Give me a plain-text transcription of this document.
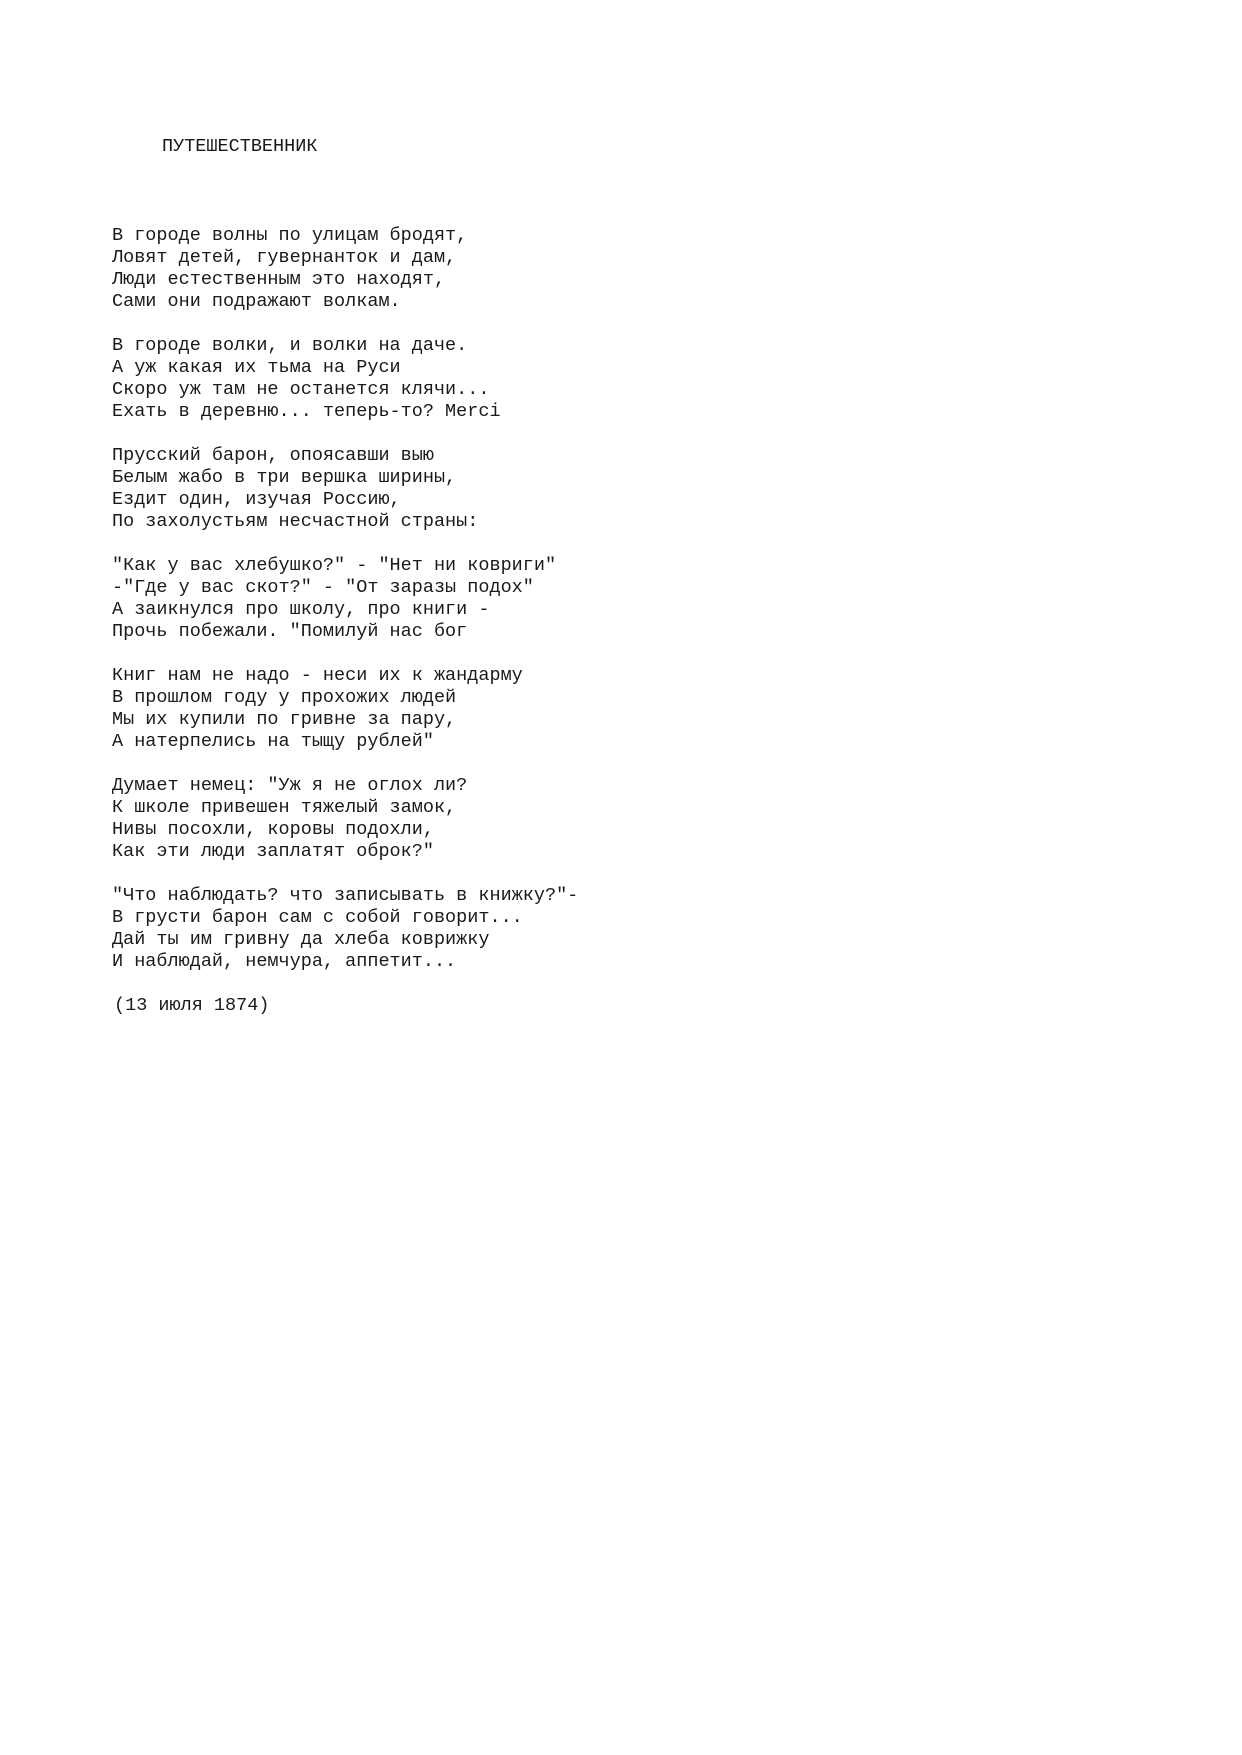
ПУТЕШЕСТВЕННИК
В городе волны по улицам бродят,
Ловят детей, гувернанток и дам,
Люди естественным это находят,
Сами они подражают волкам.
В городе волки, и волки на даче.
А уж какая их тьма на Руси
Скоро уж там не останется клячи...
Ехать в деревню... теперь-то? Merci
Прусский барон, опоясавши выю
Белым жабо в три вершка ширины,
Ездит один, изучая Россию,
По захолустьям несчастной страны:
"Как у вас хлебушко?" - "Нет ни ковриги"
-"Где у вас скот?" - "От заразы подох"
А заикнулся про школу, про книги -
Прочь побежали. "Помилуй нас бог
Книг нам не надо - неси их к жандарму
В прошлом году у прохожих людей
Мы их купили по гривне за пару,
А натерпелись на тыщу рублей"
Думает немец: "Уж я не оглох ли?
К школе привешен тяжелый замок,
Нивы посохли, коровы подохли,
Как эти люди заплатят оброк?"
"Что наблюдать? что записывать в книжку?"-
В грусти барон сам с собой говорит...
Дай ты им гривну да хлеба коврижку
И наблюдай, немчура, аппетит...
(13 июля 1874)
